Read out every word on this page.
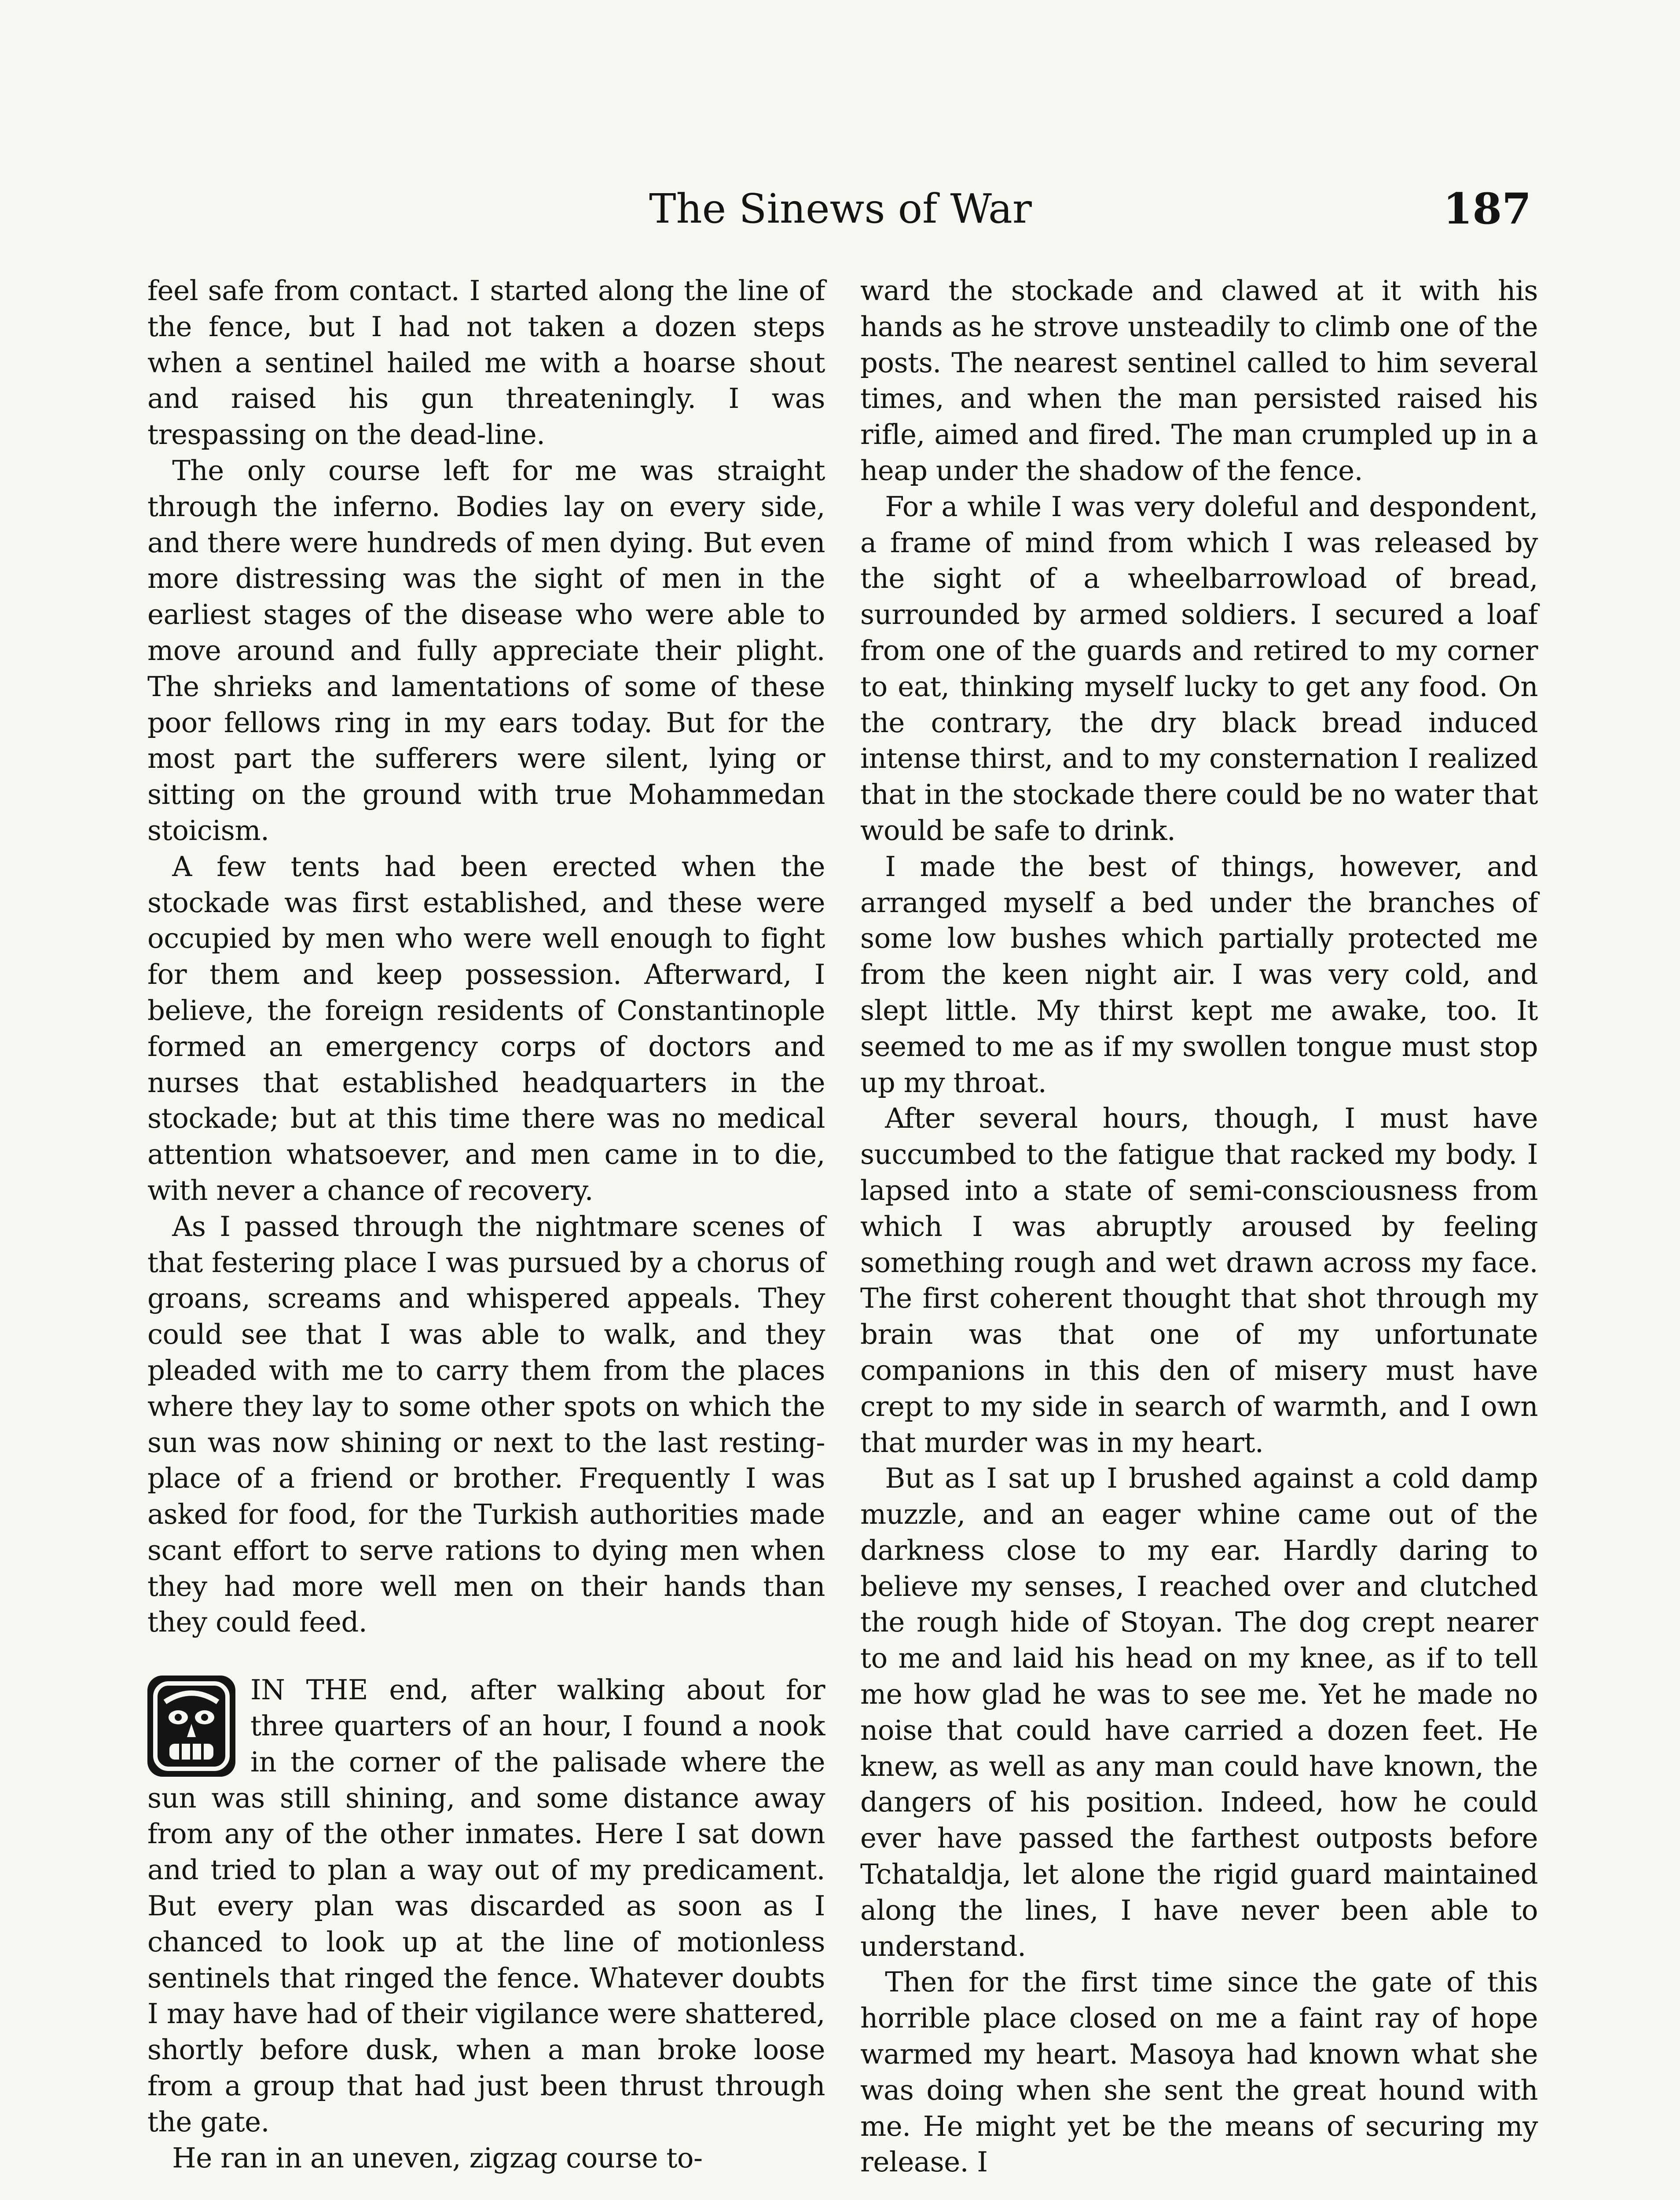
The Sinews of War	187

feel safe from contact. I started along the line of the fence, but I had not taken a dozen steps when a sentinel hailed me with a hoarse shout and raised his gun threateningly. I was trespassing on the dead-line.

The only course left for me was straight through the inferno. Bodies lay on every side, and there were hundreds of men dying. But even more distressing was the sight of men in the earliest stages of the disease who were able to move around and fully appreciate their plight. The shrieks and lamentations of some of these poor fellows ring in my ears today. But for the most part the sufferers were silent, lying or sitting on the ground with true Mohammedan stoicism.

A few tents had been erected when the stockade was first established, and these were occupied by men who were well enough to fight for them and keep possession. Afterward, I believe, the foreign residents of Constantinople formed an emergency corps of doctors and nurses that established headquarters in the stockade; but at this time there was no medical attention whatsoever, and men came in to die, with never a chance of recovery.

As I passed through the nightmare scenes of that festering place I was pursued by a chorus of groans, screams and whispered appeals. They could see that I was able to walk, and they pleaded with me to carry them from the places where they lay to some other spots on which the sun was now shining or next to the last resting-place of a friend or brother. Frequently I was asked for food, for the Turkish authorities made scant effort to serve rations to dying men when they had more well men on their hands than they could feed.

IN THE end, after walking about for three quarters of an hour, I found a nook in the corner of the palisade where the sun was still shining, and some distance away from any of the other inmates. Here I sat down and tried to plan a way out of my predicament. But every plan was discarded as soon as I chanced to look up at the line of motionless sentinels that ringed the fence. Whatever doubts I may have had of their vigilance were shattered, shortly before dusk, when a man broke loose from a group that had just been thrust through the gate.

He ran in an uneven, zigzag course to-

ward the stockade and clawed at it with his hands as he strove unsteadily to climb one of the posts. The nearest sentinel called to him several times, and when the man persisted raised his rifle, aimed and fired. The man crumpled up in a heap under the shadow of the fence.

For a while I was very doleful and despondent, a frame of mind from which I was released by the sight of a wheelbarrowload of bread, surrounded by armed soldiers. I secured a loaf from one of the guards and retired to my corner to eat, thinking myself lucky to get any food. On the contrary, the dry black bread induced intense thirst, and to my consternation I realized that in the stockade there could be no water that would be safe to drink.

I made the best of things, however, and arranged myself a bed under the branches of some low bushes which partially protected me from the keen night air. I was very cold, and slept little. My thirst kept me awake, too. It seemed to me as if my swollen tongue must stop up my throat.

After several hours, though, I must have succumbed to the fatigue that racked my body. I lapsed into a state of semi-consciousness from which I was abruptly aroused by feeling something rough and wet drawn across my face. The first coherent thought that shot through my brain was that one of my unfortunate companions in this den of misery must have crept to my side in search of warmth, and I own that murder was in my heart.

But as I sat up I brushed against a cold damp muzzle, and an eager whine came out of the darkness close to my ear. Hardly daring to believe my senses, I reached over and clutched the rough hide of Stoyan. The dog crept nearer to me and laid his head on my knee, as if to tell me how glad he was to see me. Yet he made no noise that could have carried a dozen feet. He knew, as well as any man could have known, the dangers of his position. Indeed, how he could ever have passed the farthest outposts before Tchataldja, let alone the rigid guard maintained along the lines, I have never been able to understand.

Then for the first time since the gate of this horrible place closed on me a faint ray of hope warmed my heart. Masoya had known what she was doing when she sent the great hound with me. He might yet be the means of securing my release. I
